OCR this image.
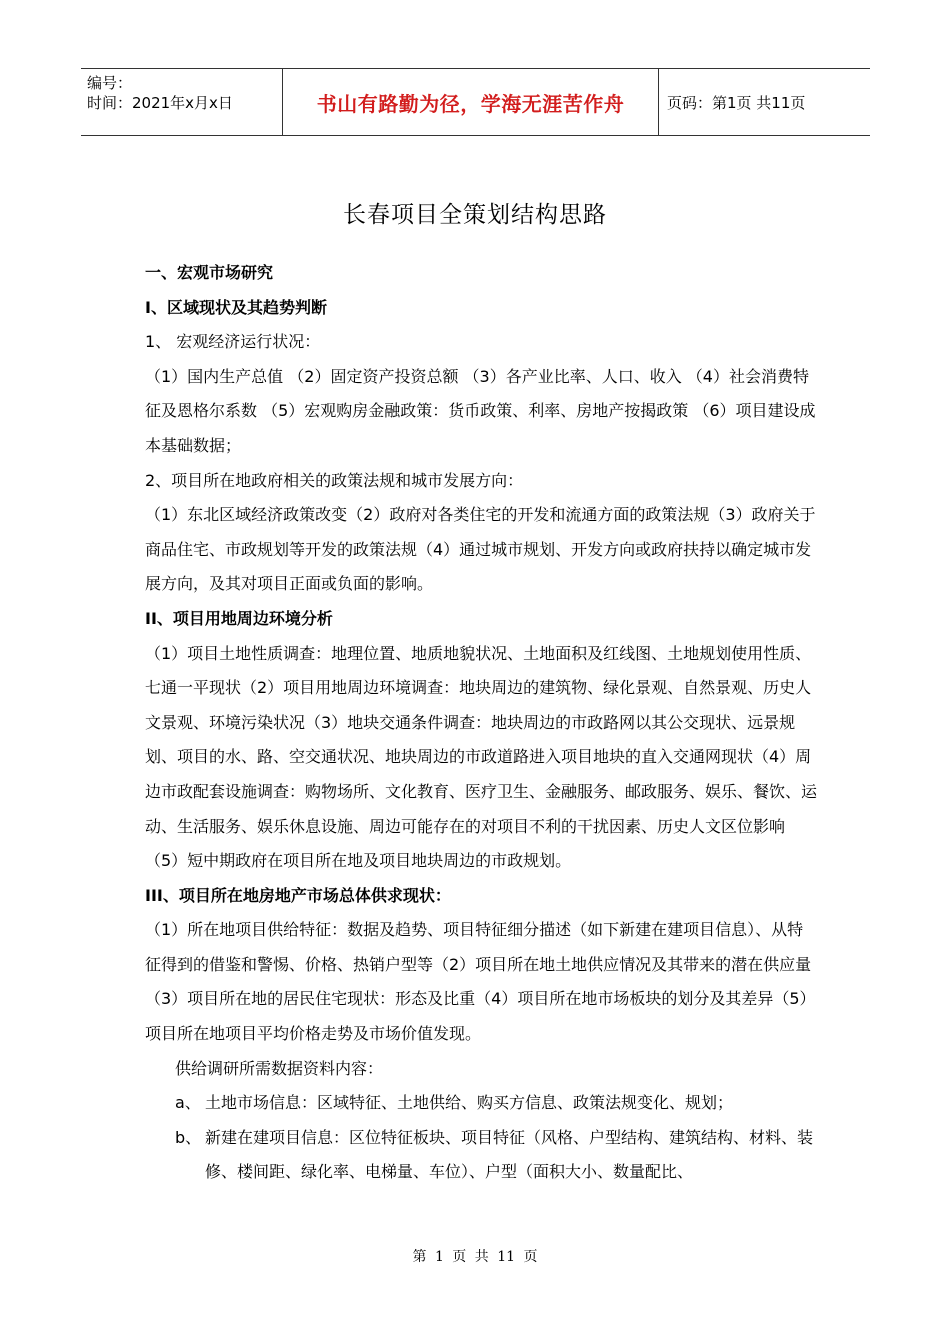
编号：
时间：2021年x月x日	书山有路勤为径，学海无涯苦作舟	页码：第1页 共11页
长春项目全策划结构思路

一、宏观市场研究

I、区域现状及其趋势判断

1、 宏观经济运行状况：

（1）国内生产总值 （2）固定资产投资总额 （3）各产业比率、人口、收入 （4）社会消费特征及恩格尔系数 （5）宏观购房金融政策：货币政策、利率、房地产按揭政策 （6）项目建设成本基础数据；

2、项目所在地政府相关的政策法规和城市发展方向：

（1）东北区域经济政策改变（2）政府对各类住宅的开发和流通方面的政策法规（3）政府关于商品住宅、市政规划等开发的政策法规（4）通过城市规划、开发方向或政府扶持以确定城市发展方向，及其对项目正面或负面的影响。

II、项目用地周边环境分析

（1）项目土地性质调查：地理位置、地质地貌状况、土地面积及红线图、土地规划使用性质、七通一平现状（2）项目用地周边环境调查：地块周边的建筑物、绿化景观、自然景观、历史人文景观、环境污染状况（3）地块交通条件调查：地块周边的市政路网以其公交现状、远景规划、项目的水、路、空交通状况、地块周边的市政道路进入项目地块的直入交通网现状（4）周边市政配套设施调查：购物场所、文化教育、医疗卫生、金融服务、邮政服务、娱乐、餐饮、运动、生活服务、娱乐休息设施、周边可能存在的对项目不利的干扰因素、历史人文区位影响（5）短中期政府在项目所在地及项目地块周边的市政规划。

III、项目所在地房地产市场总体供求现状：

（1）所在地项目供给特征：数据及趋势、项目特征细分描述（如下新建在建项目信息）、从特征得到的借鉴和警惕、价格、热销户型等（2）项目所在地土地供应情况及其带来的潜在供应量（3）项目所在地的居民住宅现状：形态及比重（4）项目所在地市场板块的划分及其差异（5）项目所在地项目平均价格走势及市场价值发现。

供给调研所需数据资料内容：

a、 土地市场信息：区域特征、土地供给、购买方信息、政策法规变化、规划；
b、 新建在建项目信息：区位特征板块、项目特征（风格、户型结构、建筑结构、材料、装修、楼间距、绿化率、电梯量、车位）、户型（面积大小、数量配比、
第 1 页 共 11 页
